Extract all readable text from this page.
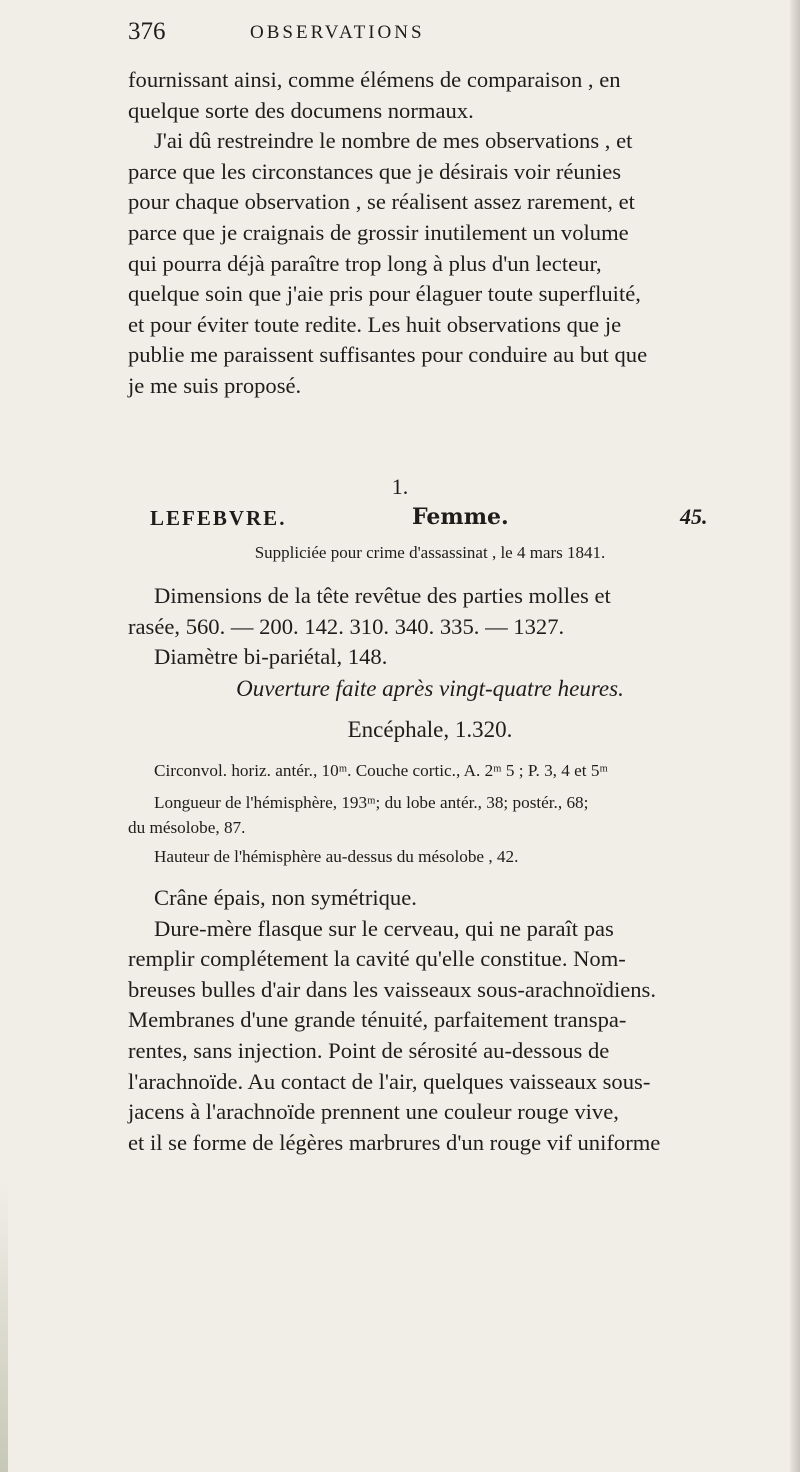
376	OBSERVATIONS
fournissant ainsi, comme élémens de comparaison , en
quelque sorte des documens normaux.
J'ai dû restreindre le nombre de mes observations , et
parce que les circonstances que je désirais voir réunies
pour chaque observation , se réalisent assez rarement, et
parce que je craignais de grossir inutilement un volume
qui pourra déjà paraître trop long à plus d'un lecteur,
quelque soin que j'aie pris pour élaguer toute superfluité,
et pour éviter toute redite. Les huit observations que je
publie me paraissent suffisantes pour conduire au but que
je me suis proposé.
1.
LEFEBVRE.	Femme.	45.
Suppliciée pour crime d'assassinat , le 4 mars 1841.
Dimensions de la tête revêtue des parties molles et
rasée, 560. — 200. 142. 310. 340. 335. — 1327.
Diamètre bi-pariétal, 148.
Ouverture faite après vingt-quatre heures.
Encéphale, 1.320.
Circonvol. horiz. antér., 10ᵐ. Couche cortic., A. 2ᵐ 5 ; P. 3, 4 et 5ᵐ
Longueur de l'hémisphère, 193ᵐ; du lobe antér., 38; postér., 68;
du mésolobe, 87.
Hauteur de l'hémisphère au-dessus du mésolobe , 42.
Crâne épais, non symétrique.
Dure-mère flasque sur le cerveau, qui ne paraît pas
remplir complétement la cavité qu'elle constitue. Nom-
breuses bulles d'air dans les vaisseaux sous-arachnoïdiens.
Membranes d'une grande ténuité, parfaitement transpa-
rentes, sans injection. Point de sérosité au-dessous de
l'arachnoïde. Au contact de l'air, quelques vaisseaux sous-
jacens à l'arachnoïde prennent une couleur rouge vive,
et il se forme de légères marbrures d'un rouge vif uniforme
